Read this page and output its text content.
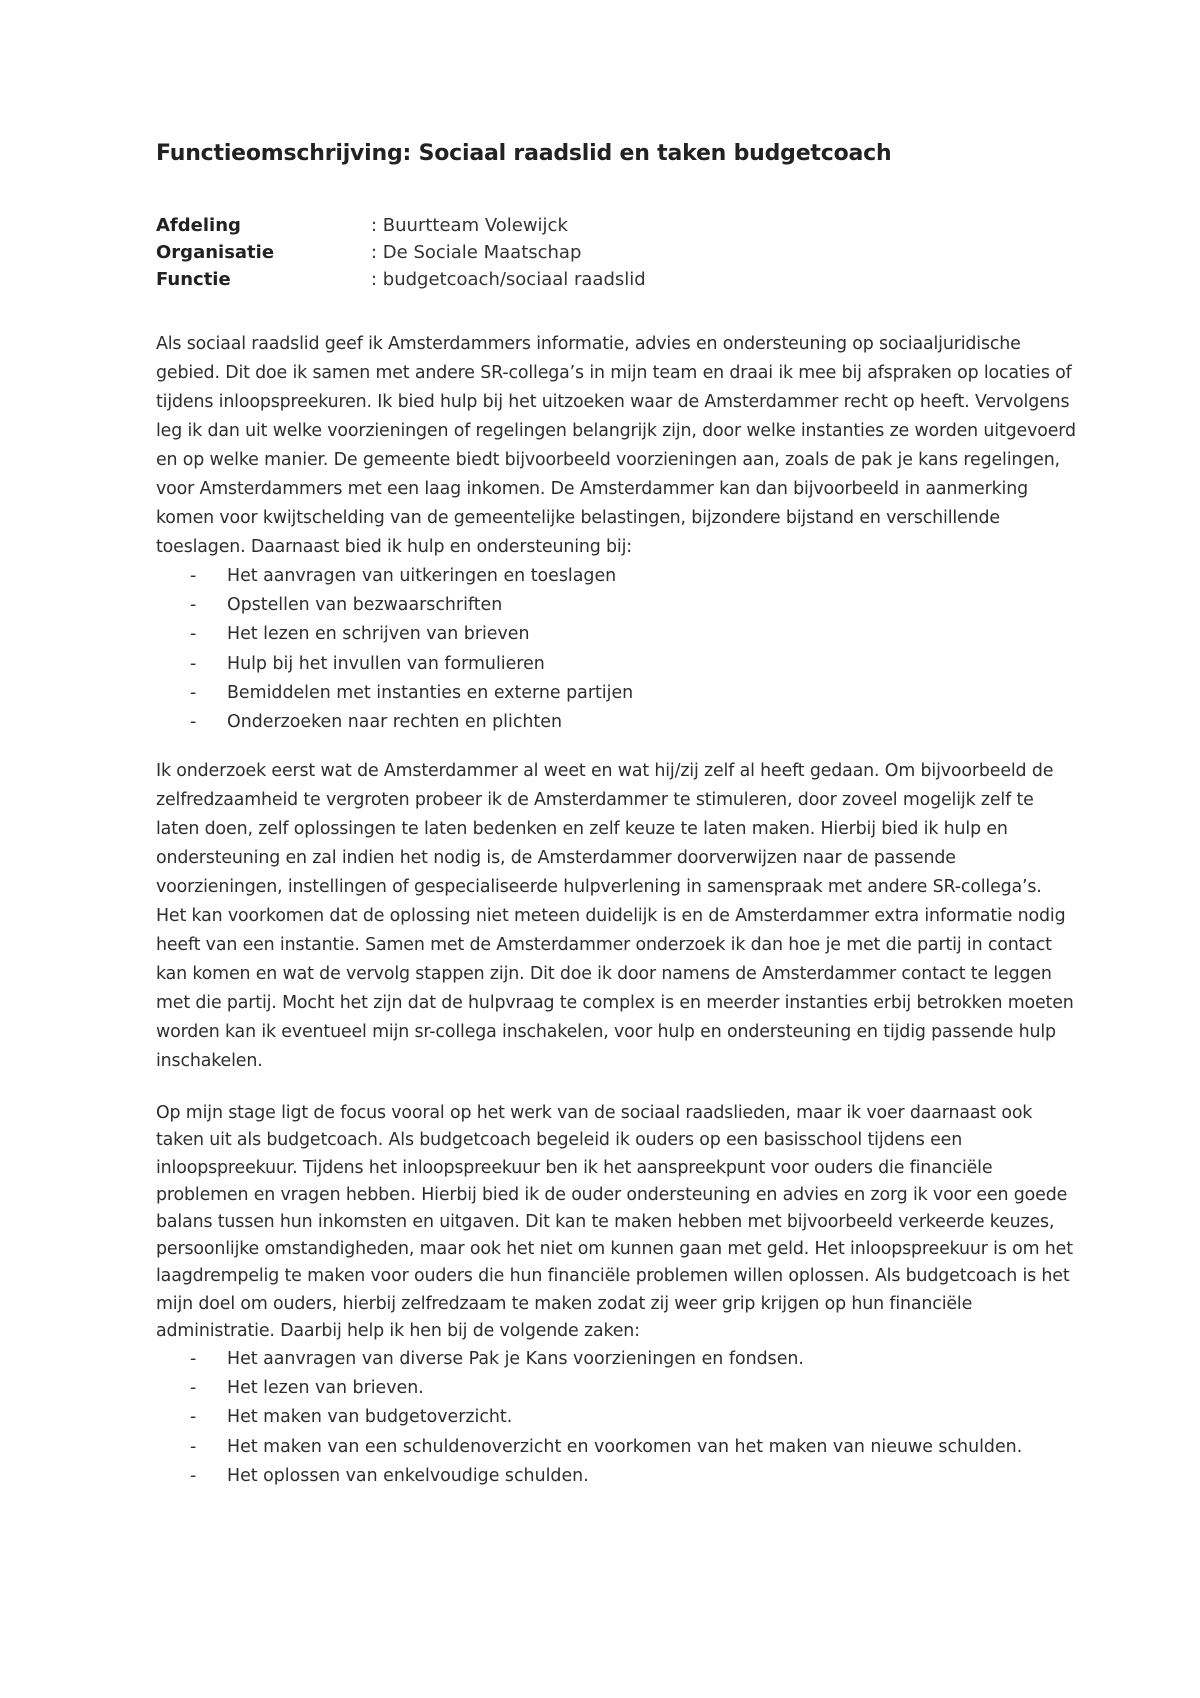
Functieomschrijving: Sociaal raadslid en taken budgetcoach
Afdeling	: Buurtteam Volewijck
Organisatie	: De Sociale Maatschap
Functie	: budgetcoach/sociaal raadslid

Als sociaal raadslid geef ik Amsterdammers informatie, advies en ondersteuning op sociaaljuridische gebied. Dit doe ik samen met andere SR-collega’s in mijn team en draai ik mee bij afspraken op locaties of tijdens inloopspreekuren. Ik bied hulp bij het uitzoeken waar de Amsterdammer recht op heeft. Vervolgens leg ik dan uit welke voorzieningen of regelingen belangrijk zijn, door welke instanties ze worden uitgevoerd en op welke manier. De gemeente biedt bijvoorbeeld voorzieningen aan, zoals de pak je kans regelingen, voor Amsterdammers met een laag inkomen. De Amsterdammer kan dan bijvoorbeeld in aanmerking komen voor kwijtschelding van de gemeentelijke belastingen, bijzondere bijstand en verschillende toeslagen. Daarnaast bied ik hulp en ondersteuning bij:

-	Het aanvragen van uitkeringen en toeslagen
-	Opstellen van bezwaarschriften
-	Het lezen en schrijven van brieven
-	Hulp bij het invullen van formulieren
-	Bemiddelen met instanties en externe partijen
-	Onderzoeken naar rechten en plichten

Ik onderzoek eerst wat de Amsterdammer al weet en wat hij/zij zelf al heeft gedaan. Om bijvoorbeeld de zelfredzaamheid te vergroten probeer ik de Amsterdammer te stimuleren, door zoveel mogelijk zelf te laten doen, zelf oplossingen te laten bedenken en zelf keuze te laten maken. Hierbij bied ik hulp en ondersteuning en zal indien het nodig is, de Amsterdammer doorverwijzen naar de passende voorzieningen, instellingen of gespecialiseerde hulpverlening in samenspraak met andere SR-collega’s. Het kan voorkomen dat de oplossing niet meteen duidelijk is en de Amsterdammer extra informatie nodig heeft van een instantie. Samen met de Amsterdammer onderzoek ik dan hoe je met die partij in contact kan komen en wat de vervolg stappen zijn. Dit doe ik door namens de Amsterdammer contact te leggen met die partij. Mocht het zijn dat de hulpvraag te complex is en meerder instanties erbij betrokken moeten worden kan ik eventueel mijn sr-collega inschakelen, voor hulp en ondersteuning en tijdig passende hulp inschakelen.

Op mijn stage ligt de focus vooral op het werk van de sociaal raadslieden, maar ik voer daarnaast ook taken uit als budgetcoach. Als budgetcoach begeleid ik ouders op een basisschool tijdens een inloopspreekuur. Tijdens het inloopspreekuur ben ik het aanspreekpunt voor ouders die financiële problemen en vragen hebben. Hierbij bied ik de ouder ondersteuning en advies en zorg ik voor een goede balans tussen hun inkomsten en uitgaven. Dit kan te maken hebben met bijvoorbeeld verkeerde keuzes, persoonlijke omstandigheden, maar ook het niet om kunnen gaan met geld. Het inloopspreekuur is om het laagdrempelig te maken voor ouders die hun financiële problemen willen oplossen. Als budgetcoach is het mijn doel om ouders, hierbij zelfredzaam te maken zodat zij weer grip krijgen op hun financiële administratie. Daarbij help ik hen bij de volgende zaken:

-	Het aanvragen van diverse Pak je Kans voorzieningen en fondsen.
-	Het lezen van brieven.
-	Het maken van budgetoverzicht.
-	Het maken van een schuldenoverzicht en voorkomen van het maken van nieuwe schulden.
-	Het oplossen van enkelvoudige schulden.
